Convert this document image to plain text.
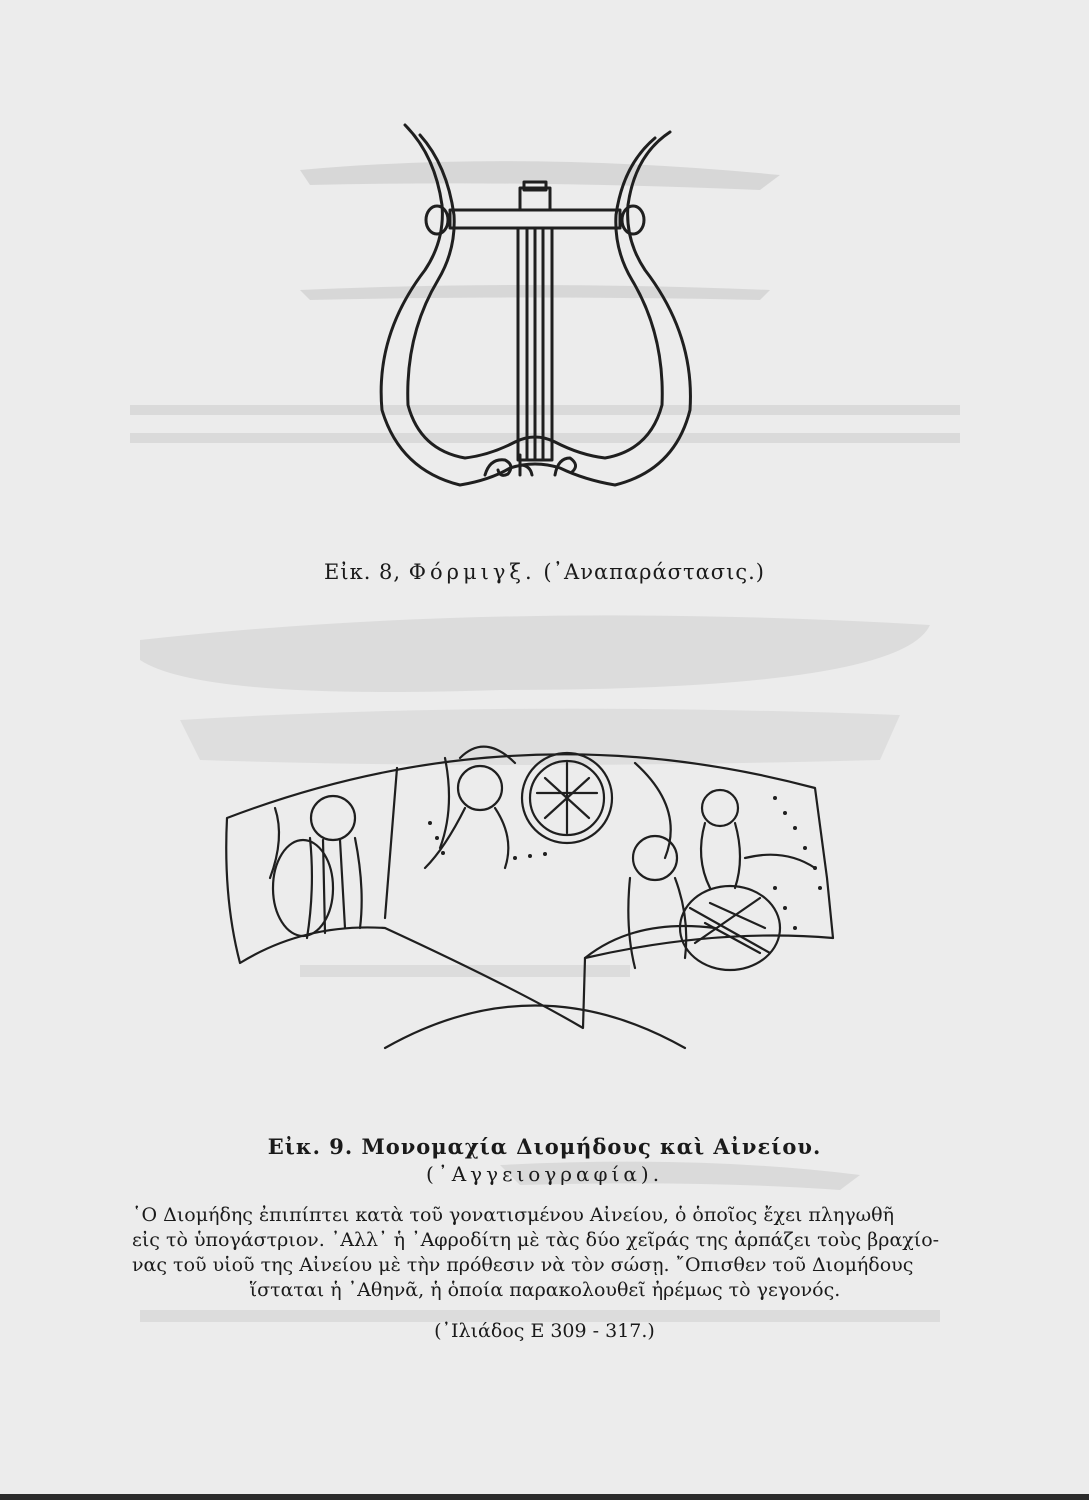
Εἰκ. 8, Φόρμιγξ. (᾿Αναπαράστασις.)
Εἰκ. 9. Μονομαχία Διομήδους καὶ Αἰνείου.
(᾿Αγγειογραφία).
῾Ο Διομήδης ἐπιπίπτει κατὰ τοῦ γονατισμένου Αἰνείου, ὁ ὁποῖος ἔχει πληγωθῆ
εἰς τὸ ὑπογάστριον. ᾿Αλλ᾿ ἡ ᾿Αφροδίτη μὲ τὰς δύο χεῖράς της ἁρπάζει τοὺς βραχίο-
νας τοῦ υἱοῦ της Αἰνείου μὲ τὴν πρόθεσιν νὰ τὸν σώσῃ. ῎Οπισθεν τοῦ Διομήδους
ἵσταται ἡ ᾿Αθηνᾶ, ἡ ὁποία παρακολουθεῖ ἠρέμως τὸ γεγονός.
(᾿Ιλιάδος Ε 309 - 317.)
